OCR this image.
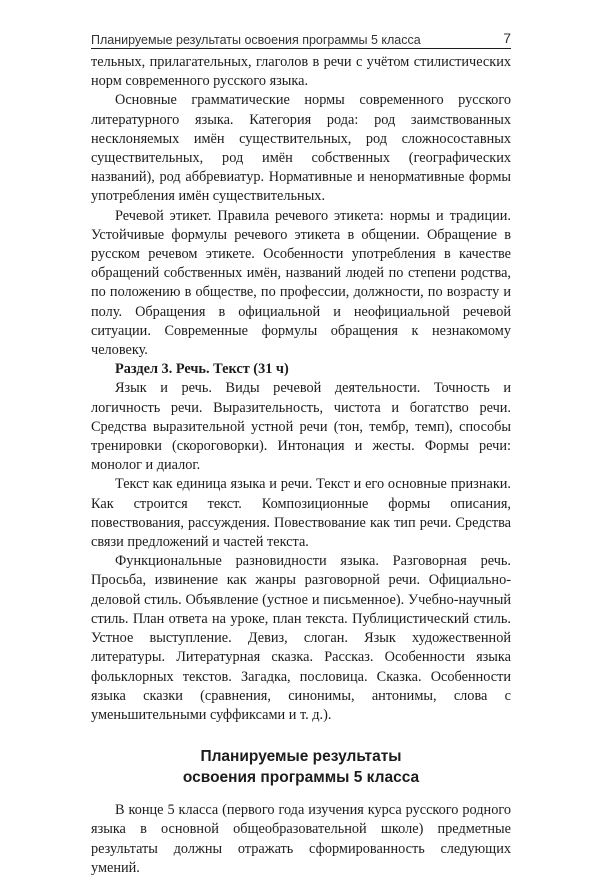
Планируемые результаты освоения программы 5 класса	7

тельных, прилагательных, глаголов в речи с учётом стилистических норм современного русского языка.

Основные грамматические нормы современного русского литературного языка. Категория рода: род заимствованных несклоняемых имён существительных, род сложносоставных существительных, род имён собственных (географических названий), род аббревиатур. Нормативные и ненормативные формы употребления имён существительных.

Речевой этикет. Правила речевого этикета: нормы и традиции. Устойчивые формулы речевого этикета в общении. Обращение в русском речевом этикете. Особенности употребления в качестве обращений собственных имён, названий людей по степени родства, по положению в обществе, по профессии, должности, по возрасту и полу. Обращения в официальной и неофициальной речевой ситуации. Современные формулы обращения к незнакомому человеку.

Раздел 3. Речь. Текст (31 ч)

Язык и речь. Виды речевой деятельности. Точность и логичность речи. Выразительность, чистота и богатство речи. Средства выразительной устной речи (тон, тембр, темп), способы тренировки (скороговорки). Интонация и жесты. Формы речи: монолог и диалог.

Текст как единица языка и речи. Текст и его основные признаки. Как строится текст. Композиционные формы описания, повествования, рассуждения. Повествование как тип речи. Средства связи предложений и частей текста.

Функциональные разновидности языка. Разговорная речь. Просьба, извинение как жанры разговорной речи. Официально-деловой стиль. Объявление (устное и письменное). Учебно-научный стиль. План ответа на уроке, план текста. Публицистический стиль. Устное выступление. Девиз, слоган. Язык художественной литературы. Литературная сказка. Рассказ. Особенности языка фольклорных текстов. Загадка, пословица. Сказка. Особенности языка сказки (сравнения, синонимы, антонимы, слова с уменьшительными суффиксами и т. д.).

Планируемые результаты
освоения программы 5 класса

В конце 5 класса (первого года изучения курса русского родного языка в основной общеобразовательной школе) предметные результаты должны отражать сформированность следующих умений.
